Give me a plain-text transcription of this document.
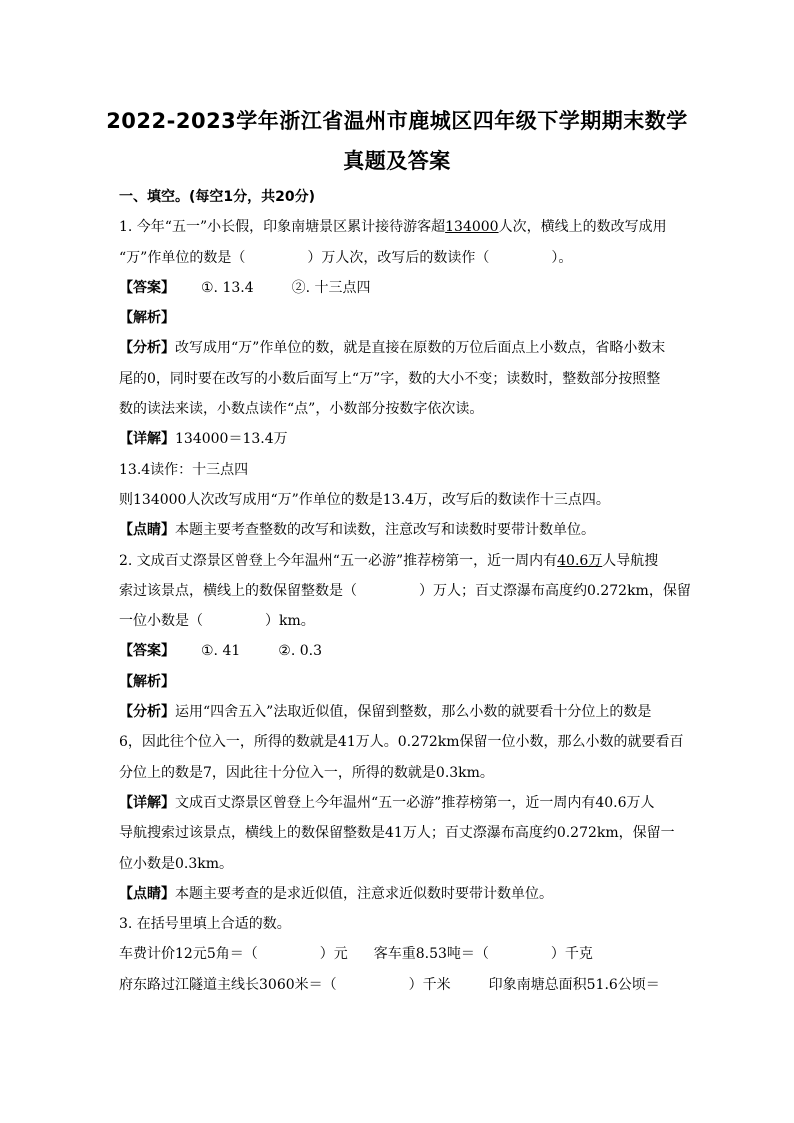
2022-2023学年浙江省温州市鹿城区四年级下学期期末数学
真题及答案
一、填空。(每空1分，共20分)
1. 今年“五一”小长假，印象南塘景区累计接待游客超134000人次，横线上的数改写成用
“万”作单位的数是（	）万人次，改写后的数读作（	）。
【答案】 ①. 13.4	②. 十三点四
【解析】
【分析】改写成用“万”作单位的数，就是直接在原数的万位后面点上小数点，省略小数末
尾的0，同时要在改写的小数后面写上“万”字，数的大小不变；读数时，整数部分按照整
数的读法来读，小数点读作“点”，小数部分按数字依次读。
【详解】134000＝13.4万
13.4读作：十三点四
则134000人次改写成用“万”作单位的数是13.4万，改写后的数读作十三点四。
【点睛】本题主要考查整数的改写和读数，注意改写和读数时要带计数单位。
2. 文成百丈漈景区曾登上今年温州“五一必游”推荐榜第一，近一周内有40.6万人导航搜
索过该景点，横线上的数保留整数是（	）万人；百丈漈瀑布高度约0.272km，保留
一位小数是（	）km。
【答案】 ①. 41	②. 0.3
【解析】
【分析】运用“四舍五入”法取近似值，保留到整数，那么小数的就要看十分位上的数是
6，因此往个位入一，所得的数就是41万人。0.272km保留一位小数，那么小数的就要看百
分位上的数是7，因此往十分位入一，所得的数就是0.3km。
【详解】文成百丈漈景区曾登上今年温州“五一必游”推荐榜第一，近一周内有40.6万人
导航搜索过该景点，横线上的数保留整数是41万人；百丈漈瀑布高度约0.272km，保留一
位小数是0.3km。
【点睛】本题主要考查的是求近似值，注意求近似数时要带计数单位。
3. 在括号里填上合适的数。
车费计价12元5角＝（	）元 客车重8.53吨＝（	）千克
府东路过江隧道主线长3060米＝（	）千米	印象南塘总面积51.6公顷＝
